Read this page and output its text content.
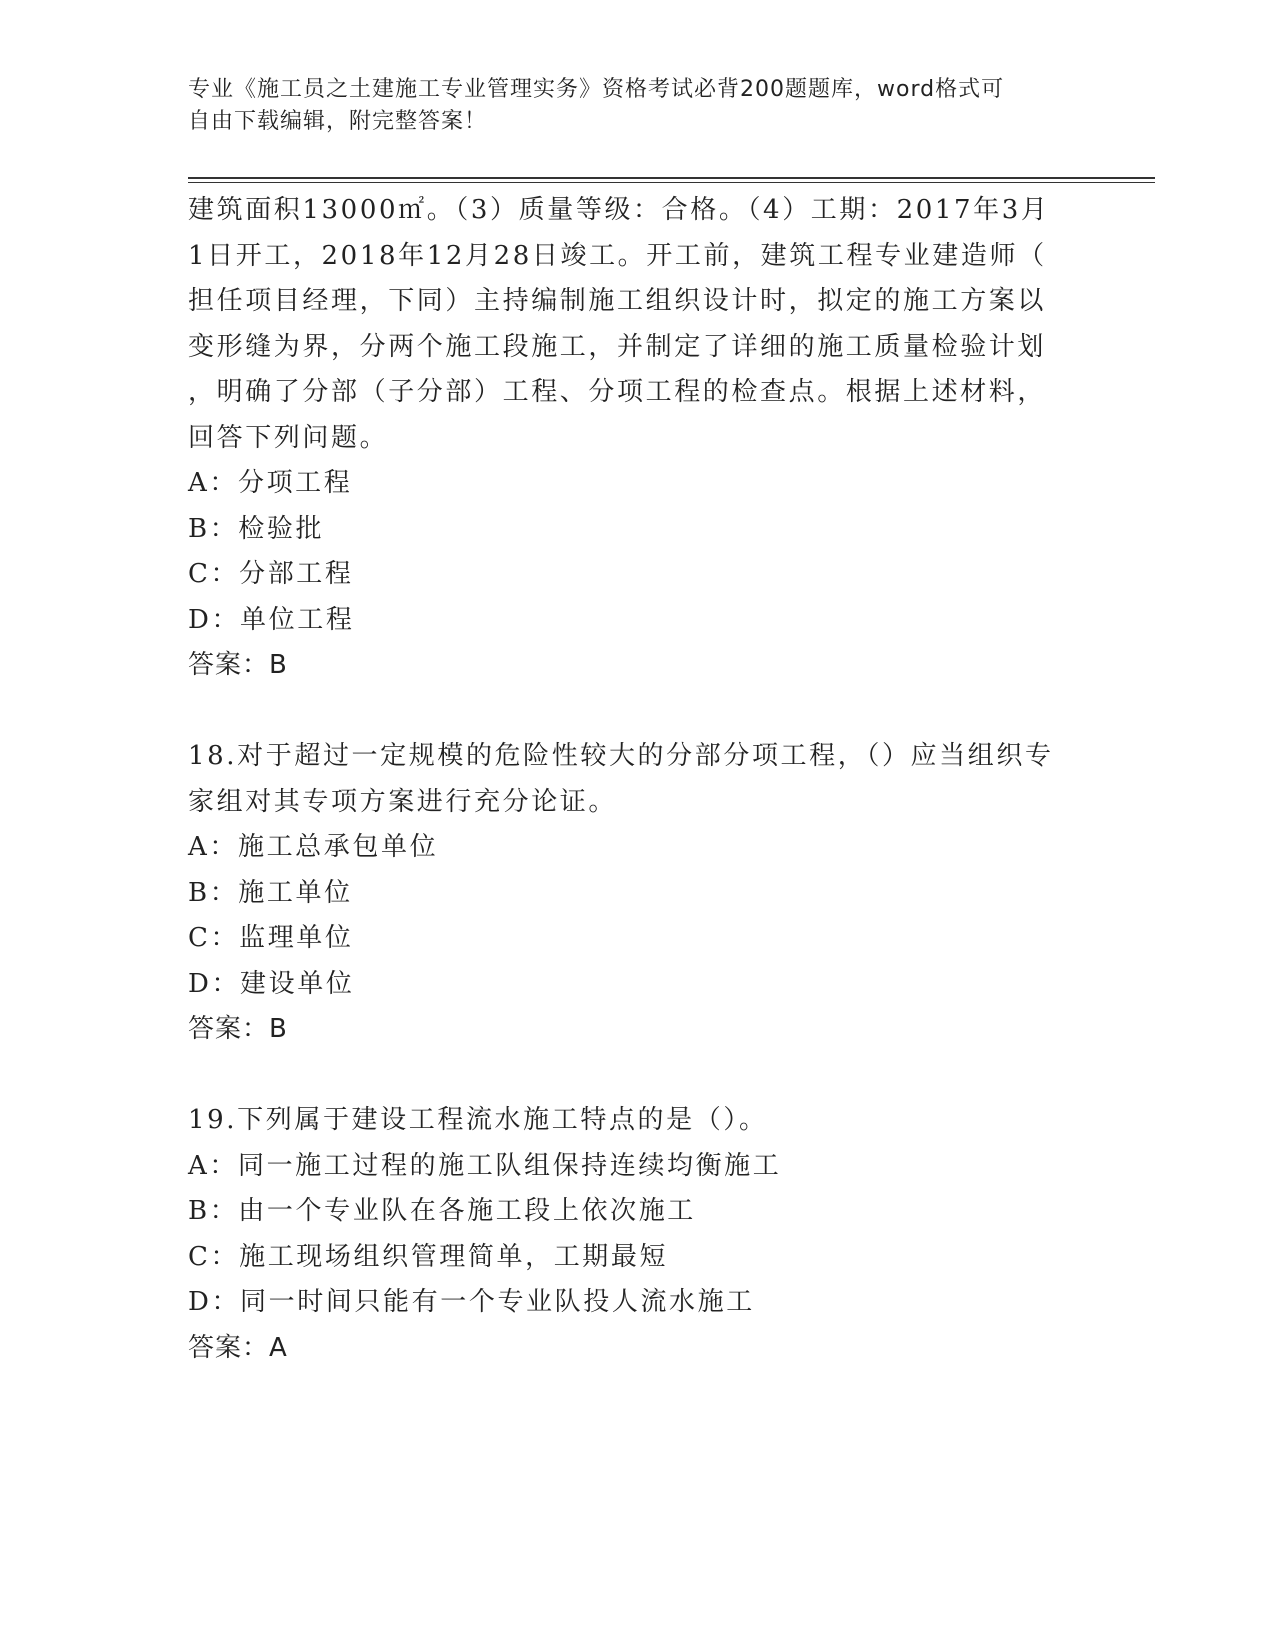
专业《施工员之土建施工专业管理实务》资格考试必背200题题库，word格式可
自由下载编辑，附完整答案！
建筑面积13000㎡。（3）质量等级：合格。（4）工期：2017年3月
1日开工，2018年12月28日竣工。开工前，建筑工程专业建造师（
担任项目经理，下同）主持编制施工组织设计时，拟定的施工方案以
变形缝为界，分两个施工段施工，并制定了详细的施工质量检验计划
，明确了分部（子分部）工程、分项工程的检查点。根据上述材料，
回答下列问题。
A：分项工程
B：检验批
C：分部工程
D：单位工程
答案：B
18.对于超过一定规模的危险性较大的分部分项工程，（）应当组织专
家组对其专项方案进行充分论证。
A：施工总承包单位
B：施工单位
C：监理单位
D：建设单位
答案：B
19.下列属于建设工程流水施工特点的是（）。
A：同一施工过程的施工队组保持连续均衡施工
B：由一个专业队在各施工段上依次施工
C：施工现场组织管理简单，工期最短
D：同一时间只能有一个专业队投人流水施工
答案：A
